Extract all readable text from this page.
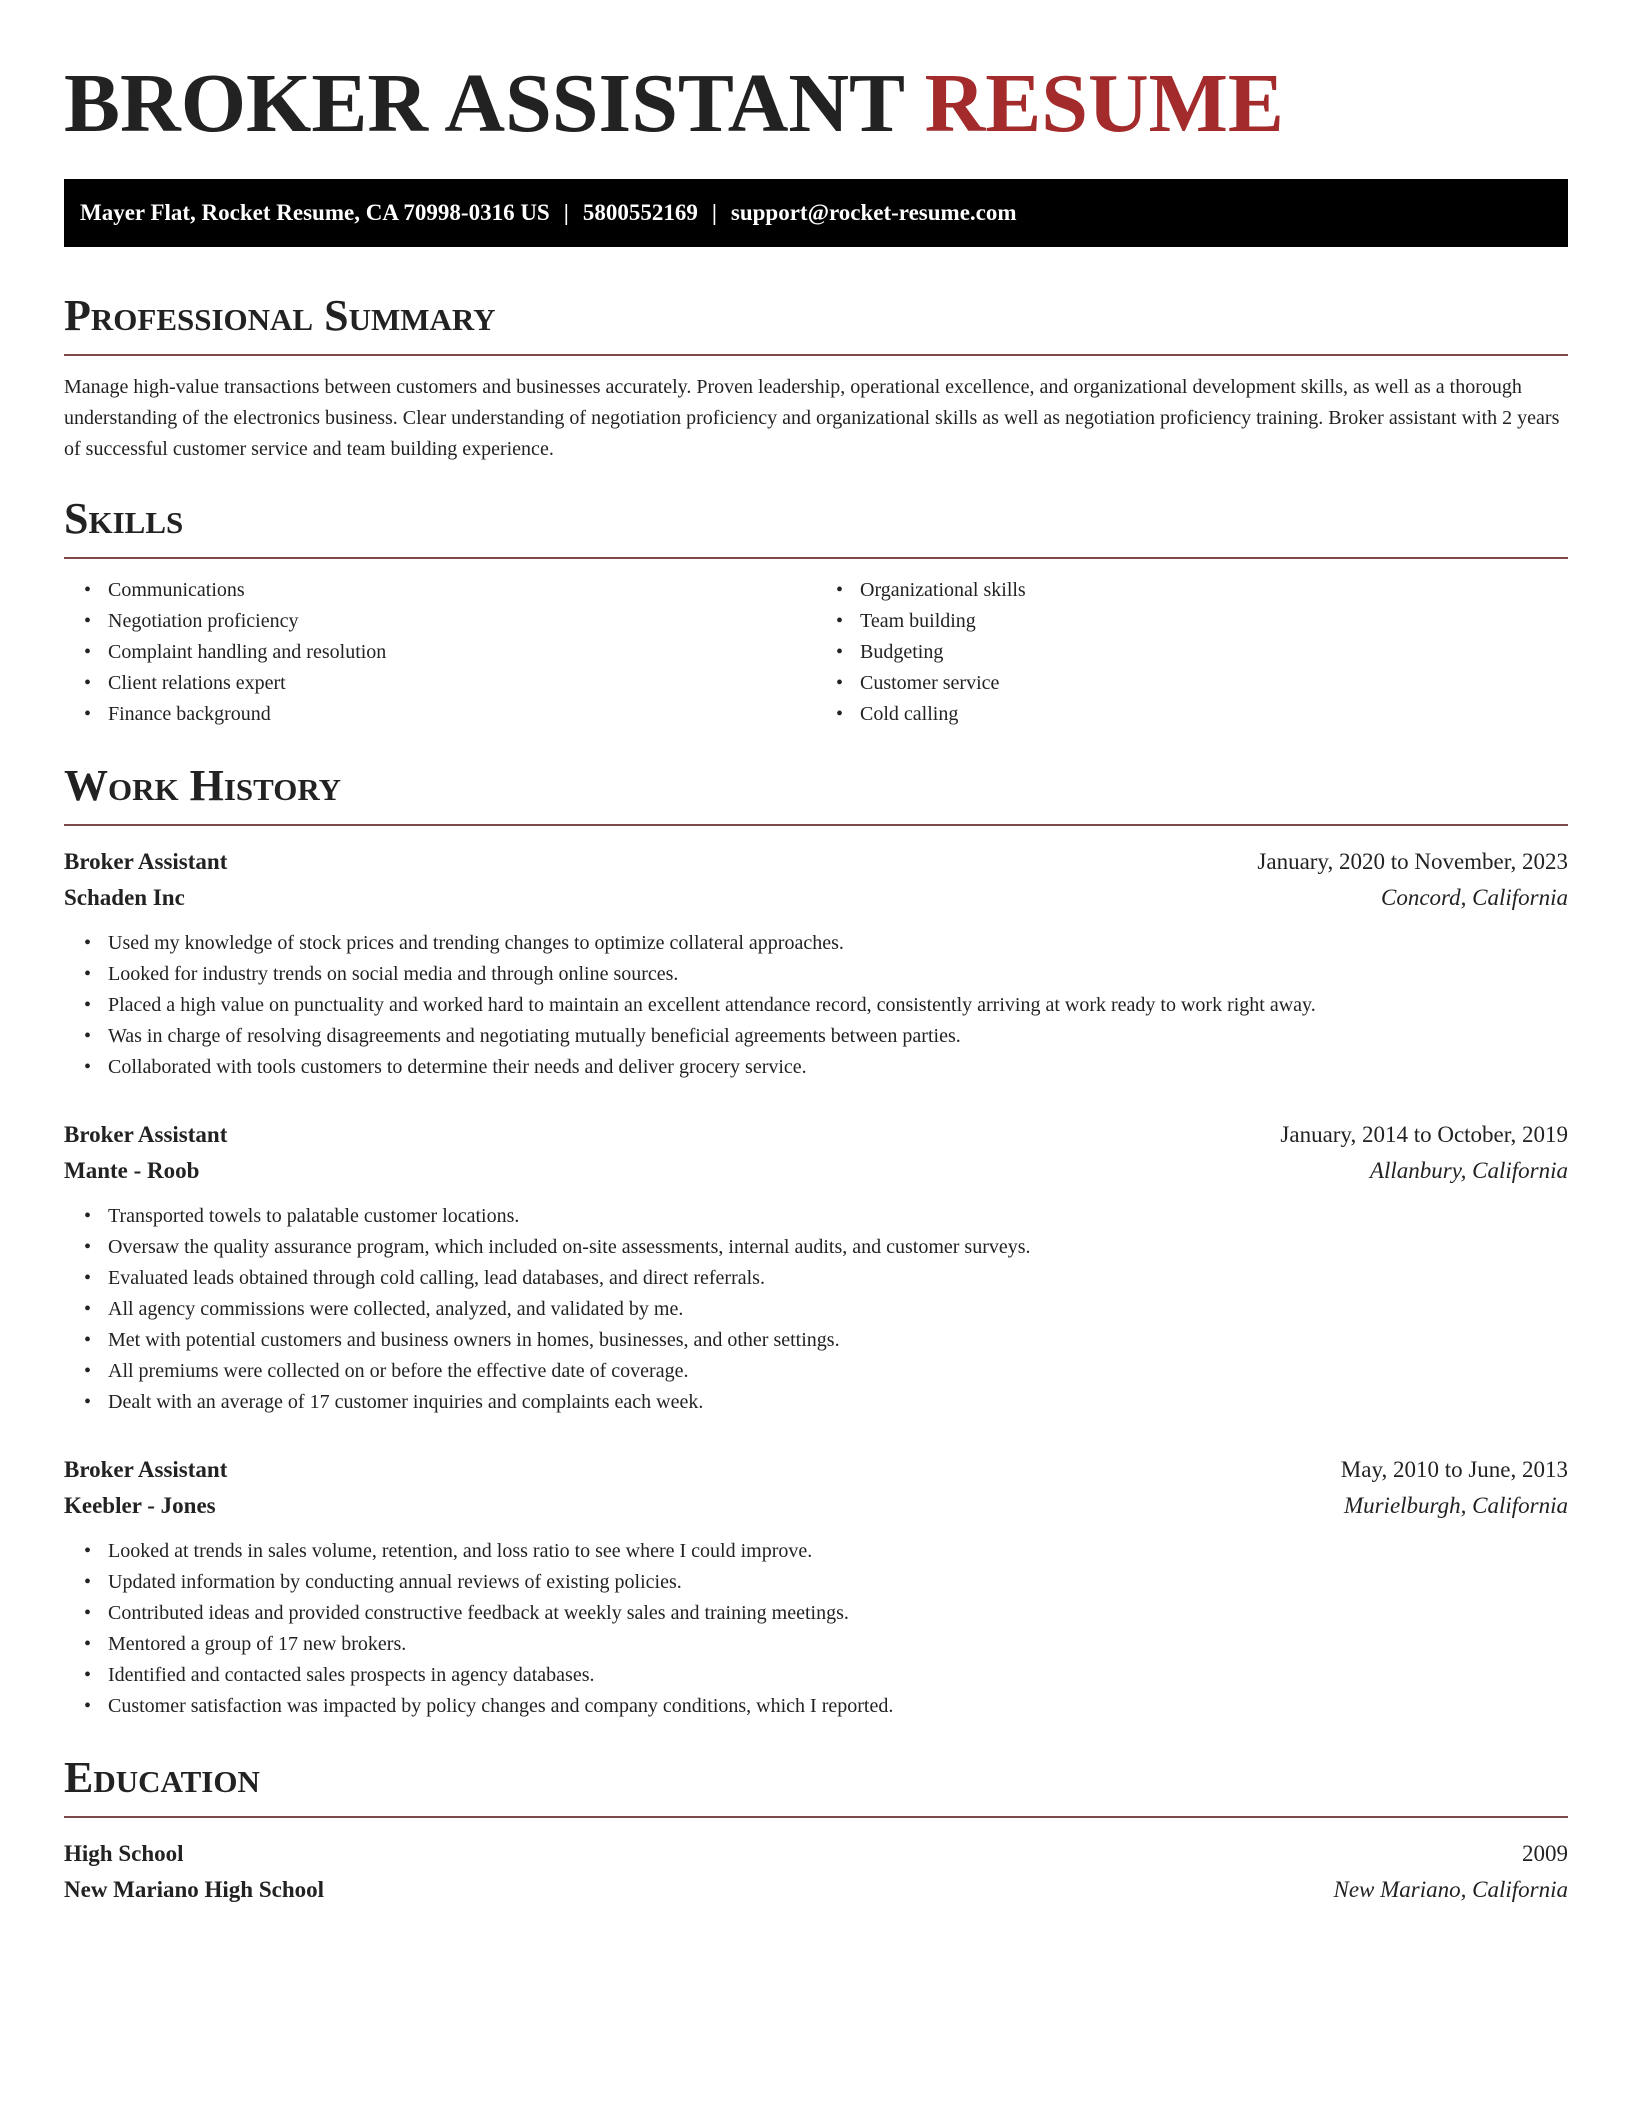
BROKER ASSISTANT RESUME
Mayer Flat, Rocket Resume, CA 70998-0316 US | 5800552169 | support@rocket-resume.com
Professional Summary

Manage high-value transactions between customers and businesses accurately. Proven leadership, operational excellence, and organizational development skills, as well as a thorough understanding of the electronics business. Clear understanding of negotiation proficiency and organizational skills as well as negotiation proficiency training. Broker assistant with 2 years of successful customer service and team building experience.

Skills
• Communications
• Negotiation proficiency
• Complaint handling and resolution
• Client relations expert
• Finance background
• Organizational skills
• Team building
• Budgeting
• Customer service
• Cold calling
Work History
Broker Assistant	January, 2020 to November, 2023
Schaden Inc	Concord, California
• Used my knowledge of stock prices and trending changes to optimize collateral approaches.
• Looked for industry trends on social media and through online sources.
• Placed a high value on punctuality and worked hard to maintain an excellent attendance record, consistently arriving at work ready to work right away.
• Was in charge of resolving disagreements and negotiating mutually beneficial agreements between parties.
• Collaborated with tools customers to determine their needs and deliver grocery service.
Broker Assistant	January, 2014 to October, 2019
Mante - Roob	Allanbury, California
• Transported towels to palatable customer locations.
• Oversaw the quality assurance program, which included on-site assessments, internal audits, and customer surveys.
• Evaluated leads obtained through cold calling, lead databases, and direct referrals.
• All agency commissions were collected, analyzed, and validated by me.
• Met with potential customers and business owners in homes, businesses, and other settings.
• All premiums were collected on or before the effective date of coverage.
• Dealt with an average of 17 customer inquiries and complaints each week.
Broker Assistant	May, 2010 to June, 2013
Keebler - Jones	Murielburgh, California
• Looked at trends in sales volume, retention, and loss ratio to see where I could improve.
• Updated information by conducting annual reviews of existing policies.
• Contributed ideas and provided constructive feedback at weekly sales and training meetings.
• Mentored a group of 17 new brokers.
• Identified and contacted sales prospects in agency databases.
• Customer satisfaction was impacted by policy changes and company conditions, which I reported.
Education
High School	2009
New Mariano High School	New Mariano, California
